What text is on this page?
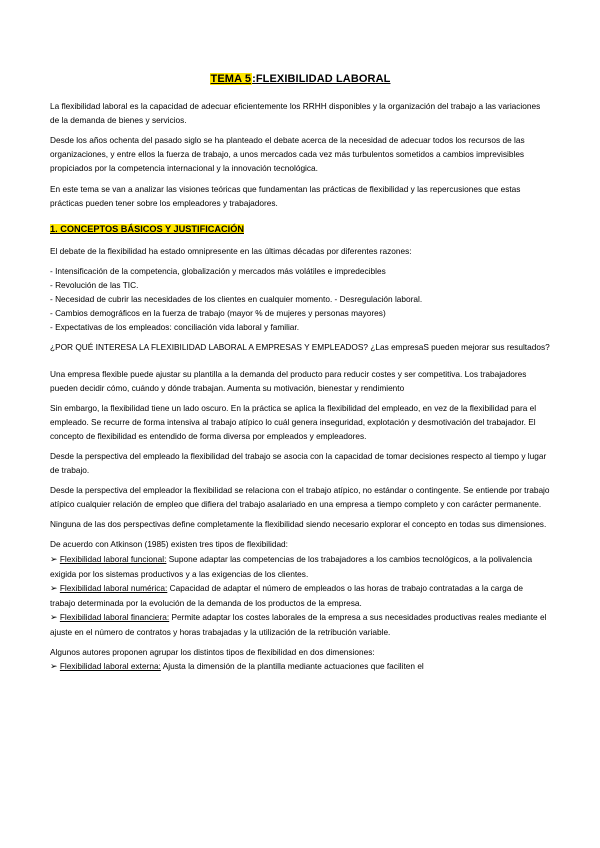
TEMA 5:FLEXIBILIDAD LABORAL

La flexibilidad laboral es la capacidad de adecuar eficientemente los RRHH disponibles y la organización del trabajo a las variaciones de la demanda de bienes y servicios.

Desde los años ochenta del pasado siglo se ha planteado el debate acerca de la necesidad de adecuar todos los recursos de las organizaciones, y entre ellos la fuerza de trabajo, a unos mercados cada vez más turbulentos sometidos a cambios imprevisibles propiciados por la competencia internacional y la innovación tecnológica.

En este tema se van a analizar las visiones teóricas que fundamentan las prácticas de flexibilidad y las repercusiones que estas prácticas pueden tener sobre los empleadores y trabajadores.

1. CONCEPTOS BÁSICOS Y JUSTIFICACIÓN

El debate de la flexibilidad ha estado omnipresente en las últimas décadas por diferentes razones:

- Intensificación de la competencia, globalización y mercados más volátiles e impredecibles
- Revolución de las TIC.
- Necesidad de cubrir las necesidades de los clientes en cualquier momento. - Desregulación laboral.
- Cambios demográficos en la fuerza de trabajo (mayor % de mujeres y personas mayores)
- Expectativas de los empleados: conciliación vida laboral y familiar.

¿POR QUÉ INTERESA LA FLEXIBILIDAD LABORAL A EMPRESAS Y EMPLEADOS? ¿Las empresaS pueden mejorar sus resultados?

Una empresa flexible puede ajustar su plantilla a la demanda del producto para reducir costes y ser competitiva. Los trabajadores pueden decidir cómo, cuándo y dónde trabajan. Aumenta su motivación, bienestar y rendimiento

Sin embargo, la flexibilidad tiene un lado oscuro. En la práctica se aplica la flexibilidad del empleado, en vez de la flexibilidad para el empleado. Se recurre de forma intensiva al trabajo atípico lo cuál genera inseguridad, explotación y desmotivación del trabajador. El concepto de flexibilidad es entendido de forma diversa por empleados y empleadores.

Desde la perspectiva del empleado la flexibilidad del trabajo se asocia con la capacidad de tomar decisiones respecto al tiempo y lugar de trabajo.

Desde la perspectiva del empleador la flexibilidad se relaciona con el trabajo atípico, no estándar o contingente. Se entiende por trabajo atípico cualquier relación de empleo que difiera del trabajo asalariado en una empresa a tiempo completo y con carácter permanente.

Ninguna de las dos perspectivas define completamente la flexibilidad siendo necesario explorar el concepto en todas sus dimensiones.

De acuerdo con Atkinson (1985) existen tres tipos de flexibilidad:
➢ Flexibilidad laboral funcional: Supone adaptar las competencias de los trabajadores a los cambios tecnológicos, a la polivalencia exigida por los sistemas productivos y a las exigencias de los clientes.
➢ Flexibilidad laboral numérica: Capacidad de adaptar el número de empleados o las horas de trabajo contratadas a la carga de trabajo determinada por la evolución de la demanda de los productos de la empresa.
➢ Flexibilidad laboral financiera: Permite adaptar los costes laborales de la empresa a sus necesidades productivas reales mediante el ajuste en el número de contratos y horas trabajadas y la utilización de la retribución variable.
Algunos autores proponen agrupar los distintos tipos de flexibilidad en dos dimensiones:
➢ Flexibilidad laboral externa: Ajusta la dimensión de la plantilla mediante actuaciones que faciliten el
